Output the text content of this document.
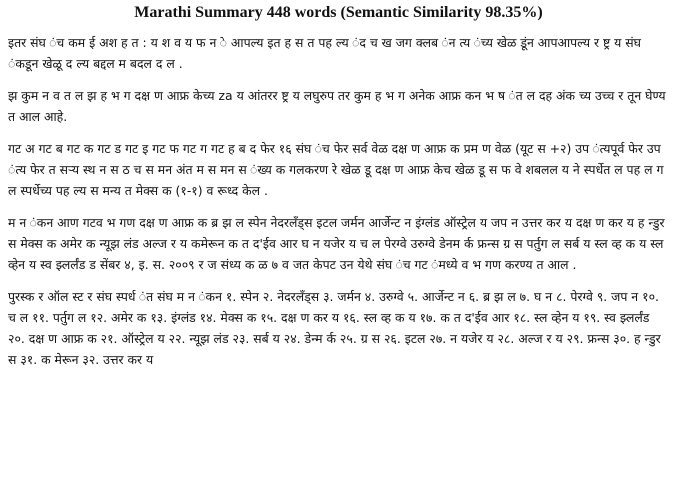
Marathi Summary 448 words (Semantic Similarity 98.35%)

इतर संघ ंच कम ई अश ह त : य श व य फ न े आपल्य इत ह स त पह ल्य ंद च ख जग क्लब ंन त्य ंच्य खेळ डूंन आपआपल्य र ष्ट्र य संघ ंकडून खेळू द ल्य बद्दल म बदल द ल .

झ कुम न व त ल झ ह भ ग दक्ष ण आफ्र केच्य za य आंतरर ष्ट्र य लघुरुप तर कुम ह भ ग अनेक आफ्र कन भ ष ंत ल दह अंक च्य उच्च र तून घेण्य त आल आहे.

गट अ गट ब गट क गट ड गट इ गट फ गट ग गट ह ब द फेर १६ संघ ंच फेर सर्व वेळ दक्ष ण आफ्र क प्रम ण वेळ (यूट स +२) उप ंत्यपूर्व फेर उप ंत्य फेर त सऱ्य स्थ न स ठ च स मन अंत म स मन स ंख्य क गलकरण रे खेळ डू दक्ष ण आफ्र केच खेळ डू स फ वे शबलल य ने स्पर्धेत ल पह ल ग ल स्पर्धेच्य पह ल्य स मन्य त मेक्स क (१-१) व रूध्द केल .

म न ंकन आण गटव भ गण दक्ष ण आफ्र क ब्र झ ल स्पेन नेदरलँड्स इटल जर्मन आर्जेन्ट न इंग्लंड ऑस्ट्रेल य जप न उत्तर कर य दक्ष ण कर य ह न्डुर स मेक्स क अमेर क न्यूझ लंड अल्ज र य कमेरून क त द'ईव आर घ न यजेर य च ल पेरग्वे उरुग्वे डेनम र्क फ्रन्स ग्र स पर्तुग ल सर्ब य स्ल व्ह क य स्ल व्हेन य स्व झ्लर्लंड ड सेंबर ४, इ. स. २००९ र ज संध्य क ळ ७ व जत केपट उन येथे संघ ंच गट ंमध्ये व भ गण करण्य त आल .

पुरस्क र ऑल स्ट र संघ स्पर्ध ंत संघ म न ंकन १. स्पेन २. नेदरलँड्स ३. जर्मन ४. उरुग्वे ५. आर्जेन्ट न ६. ब्र झ ल ७. घ न ८. पेरग्वे ९. जप न १०. च ल ११. पर्तुग ल १२. अमेर क १३. इंग्लंड १४. मेक्स क १५. दक्ष ण कर य १६. स्ल व्ह क य १७. क त द'ईव आर १८. स्ल व्हेन य १९. स्व झ्लर्लंड २०. दक्ष ण आफ्र क २१. ऑस्ट्रेल य २२. न्यूझ लंड २३. सर्ब य २४. डेन्म र्क २५. ग्र स २६. इटल २७. न यजेर य २८. अल्ज र य २९. फ्रन्स ३०. ह न्डुर स ३१. क मेरून ३२. उत्तर कर य
